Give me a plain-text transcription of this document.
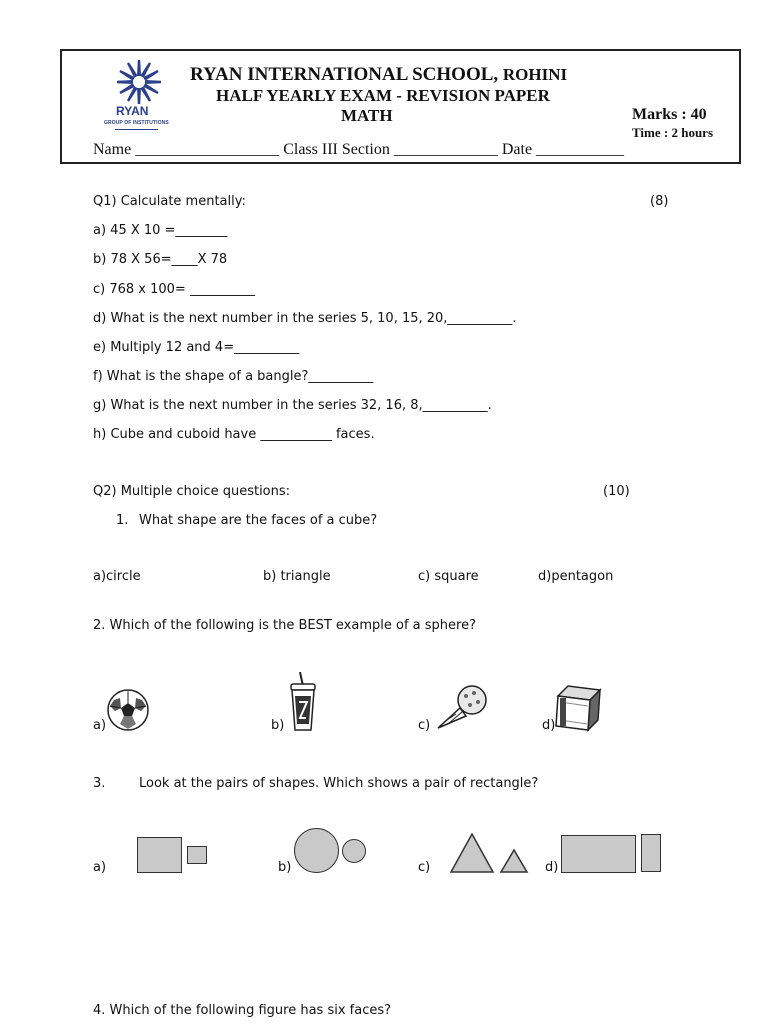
RYAN
GROUP OF INSTITUTIONS
RYAN INTERNATIONAL SCHOOL, ROHINI
HALF YEARLY EXAM - REVISION PAPER
MATH	Marks : 40
Time : 2 hours
Name __________________ Class III Section _____________ Date ___________
Q1) Calculate mentally:	(8)
a) 45 X 10 =________
b) 78 X 56=____X 78
c) 768 x 100= __________
d) What is the next number in the series 5, 10, 15, 20,__________.
e) Multiply 12 and 4=__________
f) What is the shape of a bangle?__________
g) What is the next number in the series 32, 16, 8,__________.
h) Cube and cuboid have ___________ faces.
Q2) Multiple choice questions:	(10)
1. What shape are the faces of a cube?
a)circle	b) triangle	c) square	d)pentagon
2. Which of the following is the BEST example of a sphere?
a)	b)	c)	d)
3.	Look at the pairs of shapes. Which shows a pair of rectangle?
a)	b)	c)	d)
4. Which of the following figure has six faces?
